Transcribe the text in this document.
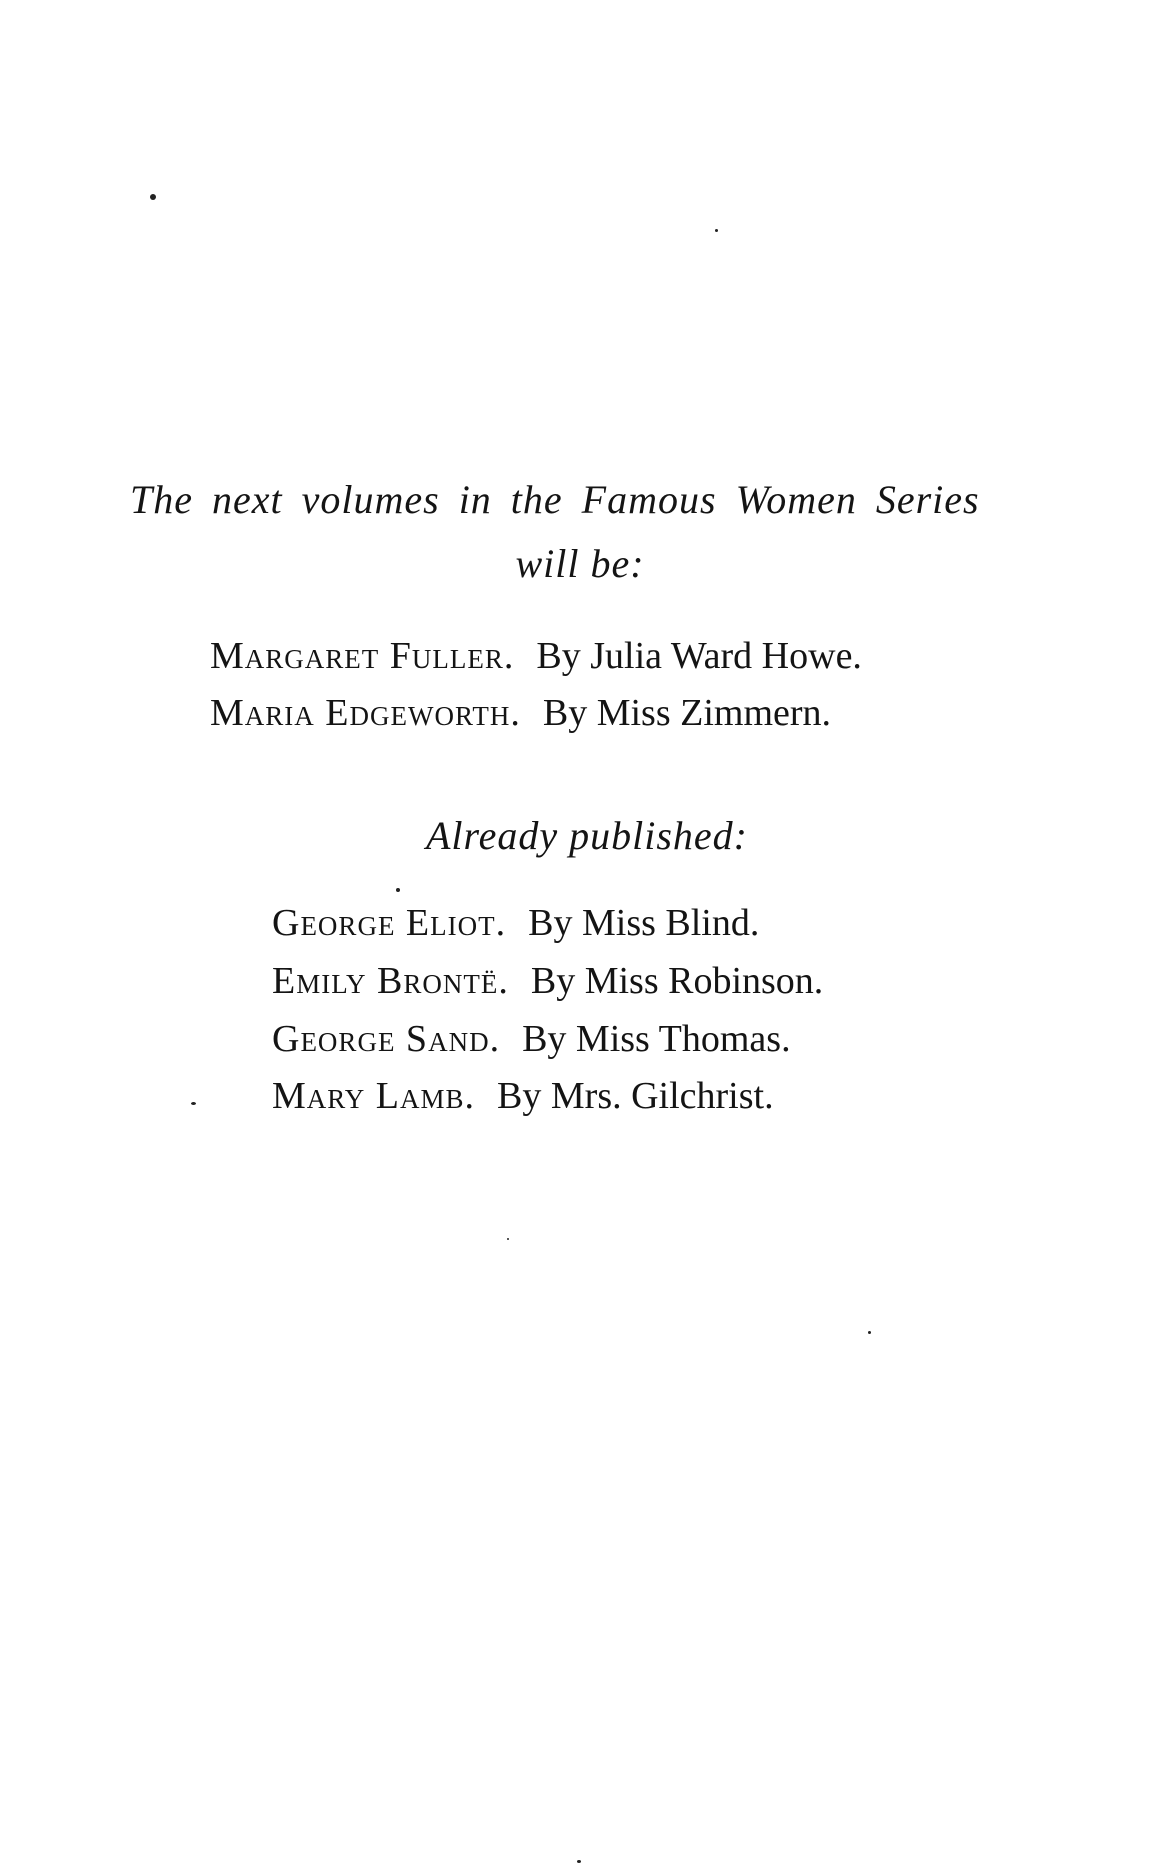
The next volumes in the Famous Women Series
will be:
Margaret Fuller. By Julia Ward Howe.
Maria Edgeworth. By Miss Zimmern.
Already published:
George Eliot. By Miss Blind.
Emily Brontë. By Miss Robinson.
George Sand. By Miss Thomas.
Mary Lamb. By Mrs. Gilchrist.
